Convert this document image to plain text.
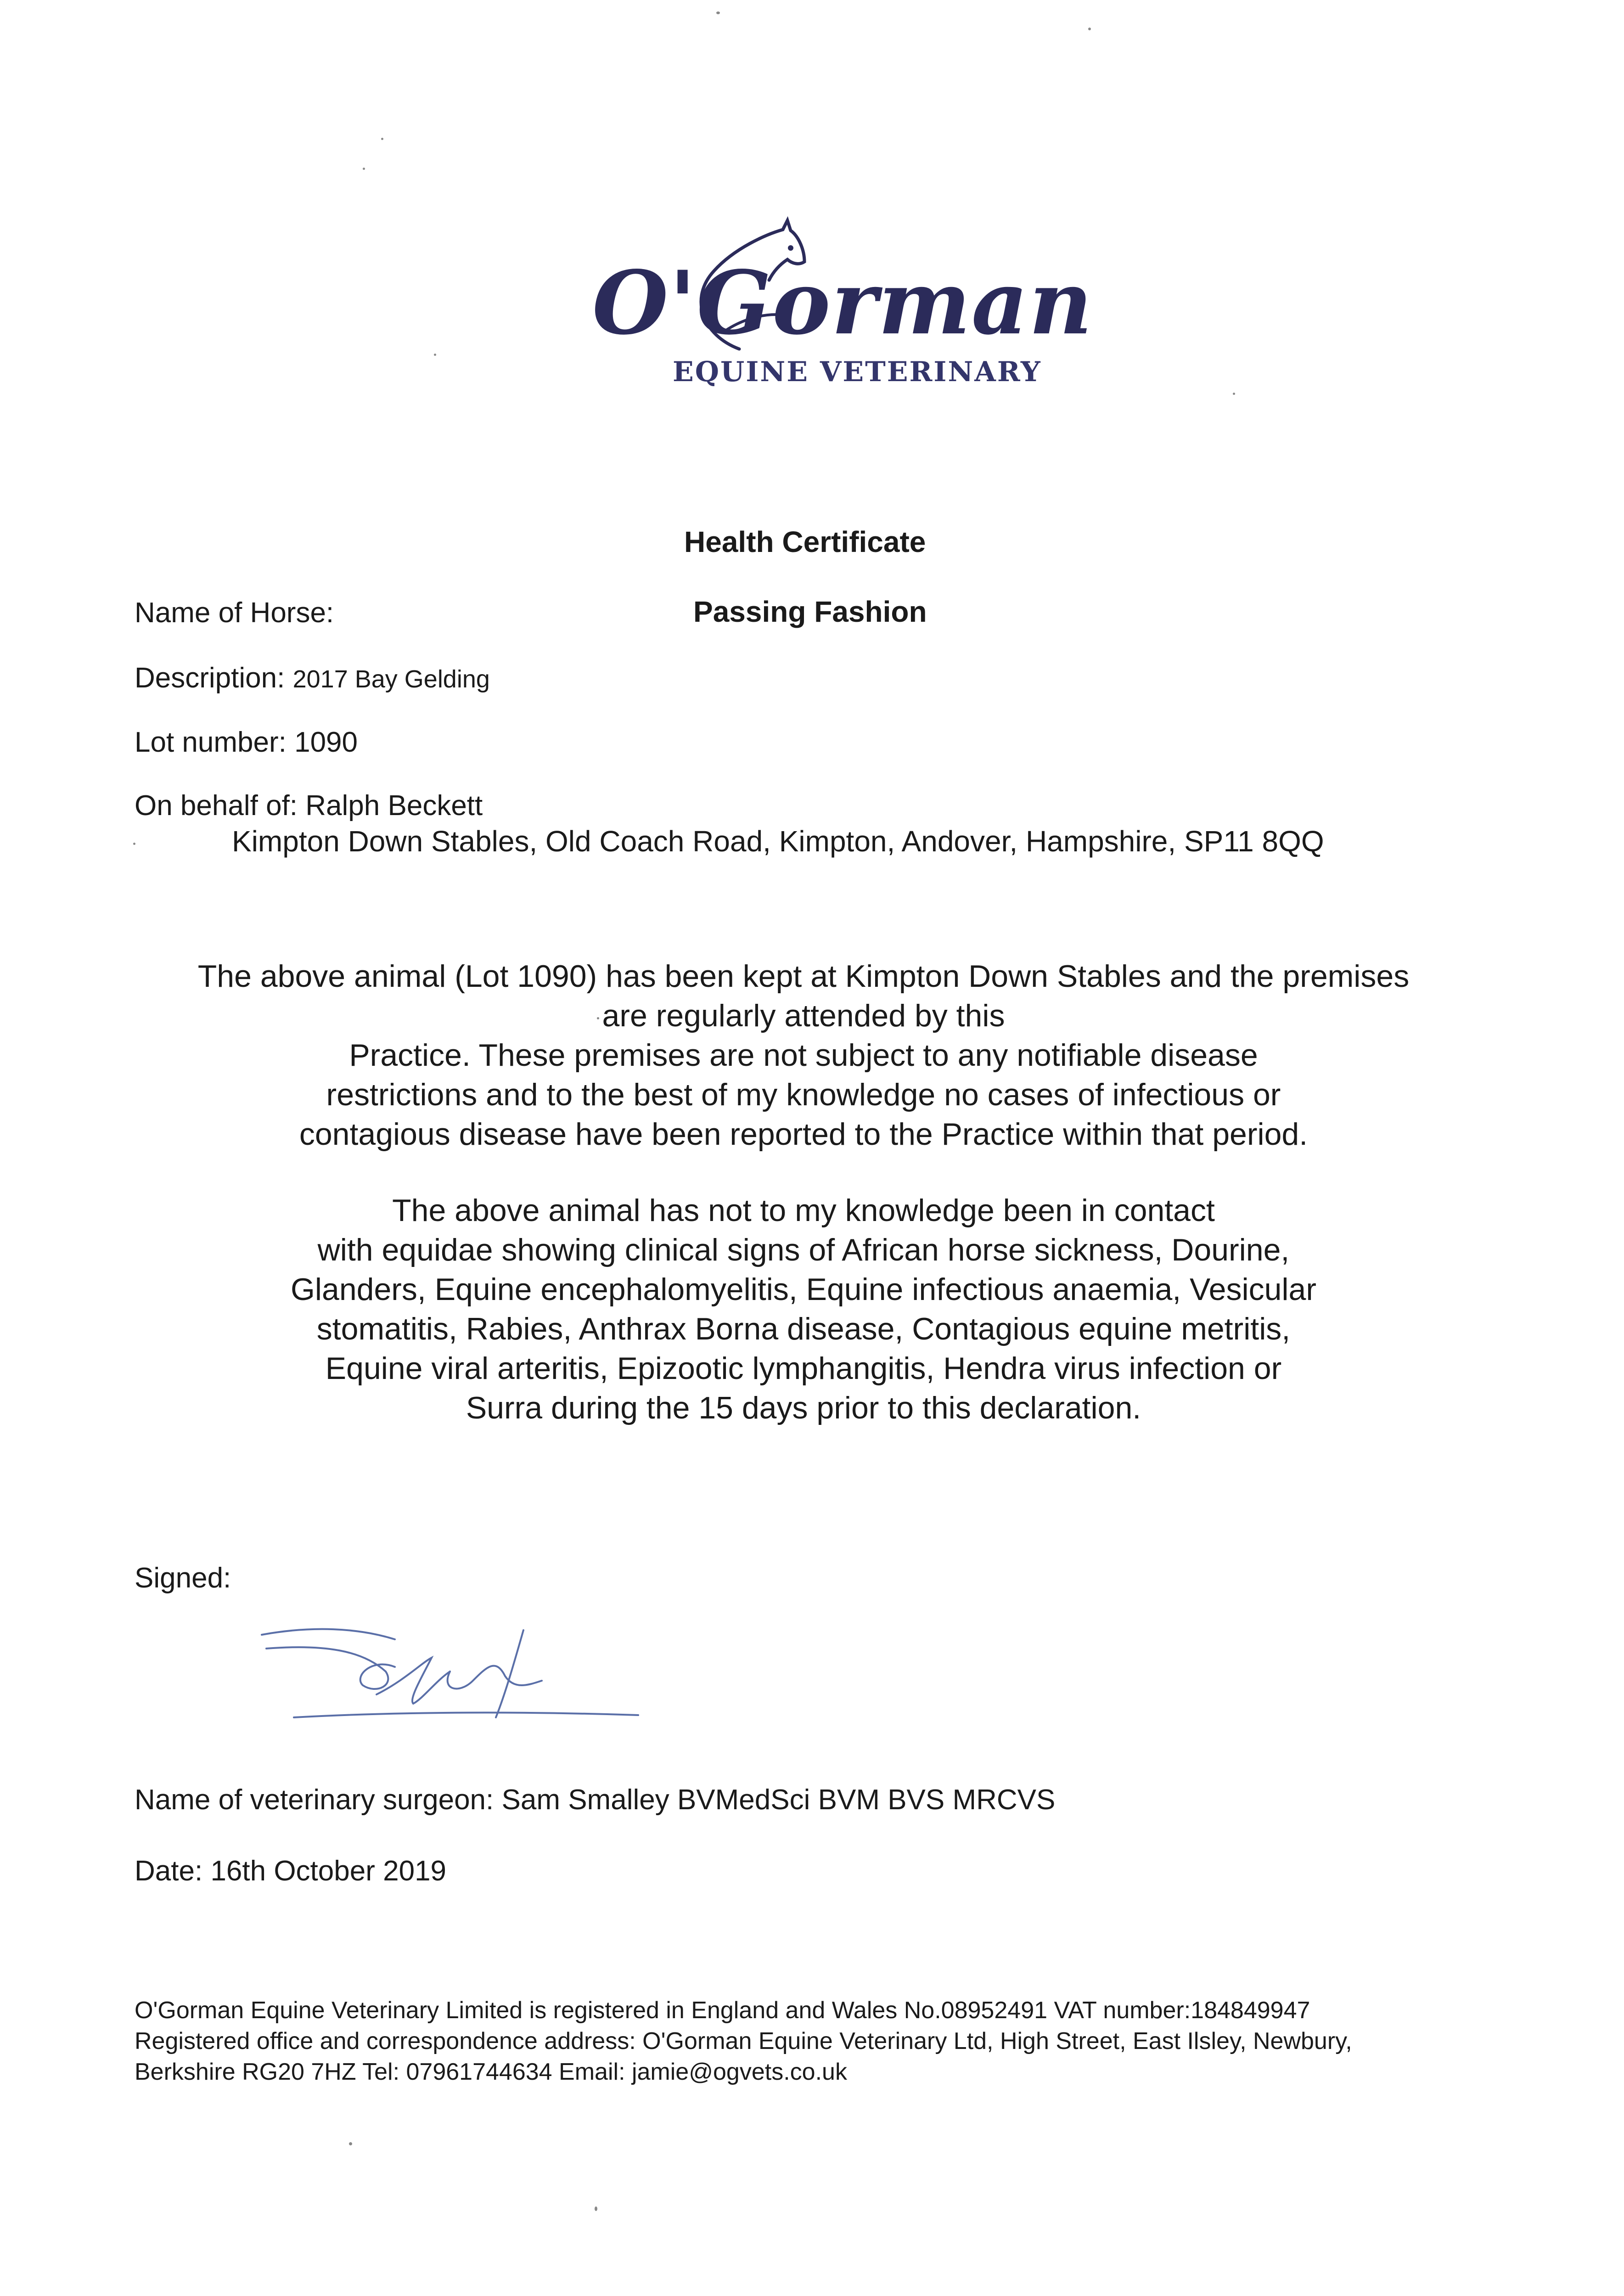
O'Gorman
EQUINE VETERINARY
Health Certificate
Name of Horse:	Passing Fashion
Description: 2017 Bay Gelding
Lot number: 1090
On behalf of: Ralph Beckett
Kimpton Down Stables, Old Coach Road, Kimpton, Andover, Hampshire, SP11 8QQ
The above animal (Lot 1090) has been kept at Kimpton Down Stables and the premises
are regularly attended by this
Practice. These premises are not subject to any notifiable disease
restrictions and to the best of my knowledge no cases of infectious or
contagious disease have been reported to the Practice within that period.
The above animal has not to my knowledge been in contact
with equidae showing clinical signs of African horse sickness, Dourine,
Glanders, Equine encephalomyelitis, Equine infectious anaemia, Vesicular
stomatitis, Rabies, Anthrax Borna disease, Contagious equine metritis,
Equine viral arteritis, Epizootic lymphangitis, Hendra virus infection or
Surra during the 15 days prior to this declaration.
Signed:
Name of veterinary surgeon: Sam Smalley BVMedSci BVM BVS MRCVS
Date: 16th October 2019
O'Gorman Equine Veterinary Limited is registered in England and Wales No.08952491 VAT number:184849947
Registered office and correspondence address: O'Gorman Equine Veterinary Ltd, High Street, East Ilsley, Newbury,
Berkshire RG20 7HZ Tel: 07961744634 Email: jamie@ogvets.co.uk
